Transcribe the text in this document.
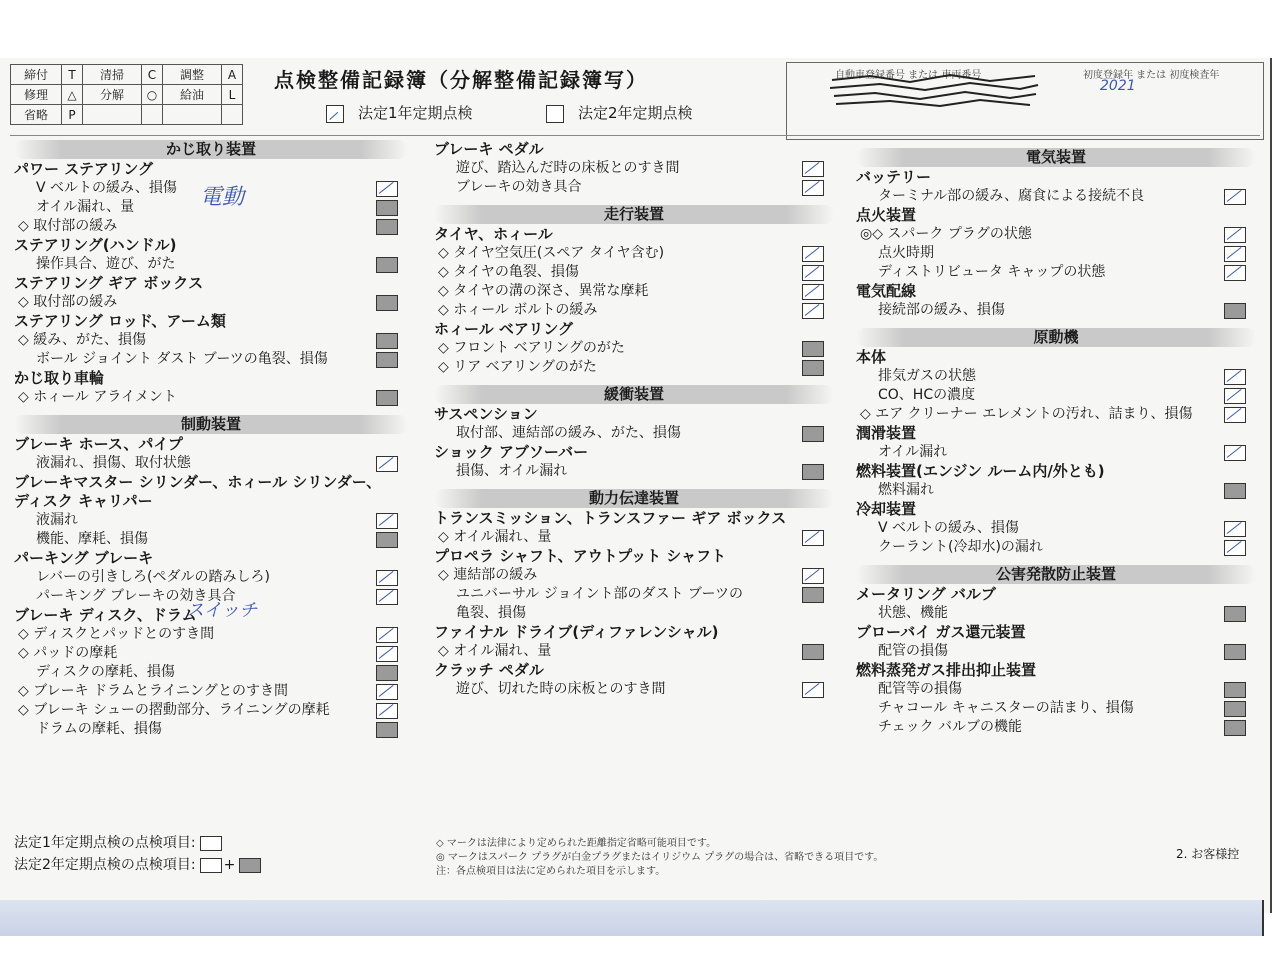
締付	T	清掃	C	調整	A
修理	△	分解	○	給油	L
省略	P				
点検整備記録簿（分解整備記録簿写）
法定1年定期点検	法定2年定期点検
自動車登録番号 または 車両番号	初度登録年 または 初度検査年
2021
かじ取り装置
パワー ステアリング
V ベルトの緩み、損傷
オイル漏れ、量
◇ 取付部の緩み
ステアリング(ハンドル)
操作具合、遊び、がた
ステアリング ギア ボックス
◇ 取付部の緩み
ステアリング ロッド、アーム類
◇ 緩み、がた、損傷
ボール ジョイント ダスト ブーツの亀裂、損傷
かじ取り車輪
◇ ホィール アライメント
制動装置
ブレーキ ホース、パイプ
液漏れ、損傷、取付状態
ブレーキマスター シリンダー、ホィール シリンダー、
ディスク キャリパー
液漏れ
機能、摩耗、損傷
パーキング ブレーキ
レバーの引きしろ(ペダルの踏みしろ)
パーキング ブレーキの効き具合
ブレーキ ディスク、ドラム
◇ ディスクとパッドとのすき間
◇ パッドの摩耗
ディスクの摩耗、損傷
◇ ブレーキ ドラムとライニングとのすき間
◇ ブレーキ シューの摺動部分、ライニングの摩耗
ドラムの摩耗、損傷
ブレーキ ペダル
遊び、踏込んだ時の床板とのすき間
ブレーキの効き具合
走行装置
タイヤ、ホィール
◇ タイヤ空気圧(スペア タイヤ含む)
◇ タイヤの亀裂、損傷
◇ タイヤの溝の深さ、異常な摩耗
◇ ホィール ボルトの緩み
ホィール ベアリング
◇ フロント ベアリングのがた
◇ リア ベアリングのがた
緩衝装置
サスペンション
取付部、連結部の緩み、がた、損傷
ショック アブソーバー
損傷、オイル漏れ
動力伝達装置
トランスミッション、トランスファー ギア ボックス
◇ オイル漏れ、量
プロペラ シャフト、アウトプット シャフト
◇ 連結部の緩み
ユニバーサル ジョイント部のダスト ブーツの
亀裂、損傷
ファイナル ドライブ(ディファレンシャル)
◇ オイル漏れ、量
クラッチ ペダル
遊び、切れた時の床板とのすき間
電気装置
バッテリー
ターミナル部の緩み、腐食による接続不良
点火装置
◎◇ スパーク プラグの状態
点火時期
ディストリビュータ キャップの状態
電気配線
接続部の緩み、損傷
原動機
本体
排気ガスの状態
CO、HCの濃度
◇ エア クリーナー エレメントの汚れ、詰まり、損傷
潤滑装置
オイル漏れ
燃料装置(エンジン ルーム内/外とも)
燃料漏れ
冷却装置
V ベルトの緩み、損傷
クーラント(冷却水)の漏れ
公害発散防止装置
メータリング バルブ
状態、機能
ブローバイ ガス還元装置
配管の損傷
燃料蒸発ガス排出抑止装置
配管等の損傷
チャコール キャニスターの詰まり、損傷
チェック バルブの機能
電動
スイッチ
法定1年定期点検の点検項目:
法定2年定期点検の点検項目: +
◇ マークは法律により定められた距離指定省略可能項目です。
◎ マークはスパーク プラグが白金プラグまたはイリジウム プラグの場合は、省略できる項目です。
注：各点検項目は法に定められた項目を示します。
2. お客様控
